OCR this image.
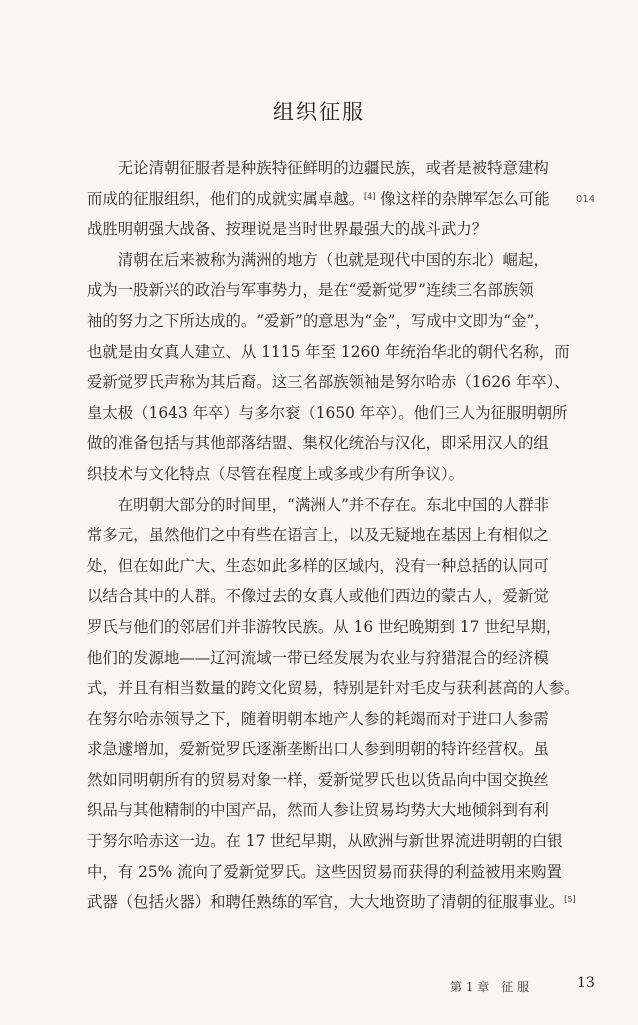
组织征服
014

　　无论清朝征服者是种族特征鲜明的边疆民族，或者是被特意建构
而成的征服组织，他们的成就实属卓越。[4] 像这样的杂牌军怎么可能
战胜明朝强大战备、按理说是当时世界最强大的战斗武力？

　　清朝在后来被称为满洲的地方（也就是现代中国的东北）崛起，
成为一股新兴的政治与军事势力，是在“爱新觉罗”连续三名部族领
袖的努力之下所达成的。“爱新”的意思为“金”，写成中文即为“金”，
也就是由女真人建立、从 1115 年至 1260 年统治华北的朝代名称，而
爱新觉罗氏声称为其后裔。这三名部族领袖是努尔哈赤（1626 年卒）、
皇太极（1643 年卒）与多尔衮（1650 年卒）。他们三人为征服明朝所
做的准备包括与其他部落结盟、集权化统治与汉化，即采用汉人的组
织技术与文化特点（尽管在程度上或多或少有所争议）。

　　在明朝大部分的时间里，“满洲人”并不存在。东北中国的人群非
常多元，虽然他们之中有些在语言上，以及无疑地在基因上有相似之
处，但在如此广大、生态如此多样的区域内，没有一种总括的认同可
以结合其中的人群。不像过去的女真人或他们西边的蒙古人，爱新觉
罗氏与他们的邻居们并非游牧民族。从 16 世纪晚期到 17 世纪早期，
他们的发源地——辽河流域一带已经发展为农业与狩猎混合的经济模
式，并且有相当数量的跨文化贸易，特别是针对毛皮与获利甚高的人参。
在努尔哈赤领导之下，随着明朝本地产人参的耗竭而对于进口人参需
求急遽增加，爱新觉罗氏逐渐垄断出口人参到明朝的特许经营权。虽
然如同明朝所有的贸易对象一样，爱新觉罗氏也以货品向中国交换丝
织品与其他精制的中国产品，然而人参让贸易均势大大地倾斜到有利
于努尔哈赤这一边。在 17 世纪早期，从欧洲与新世界流进明朝的白银
中，有 25% 流向了爱新觉罗氏。这些因贸易而获得的利益被用来购置
武器（包括火器）和聘任熟练的军官，大大地资助了清朝的征服事业。[5]

第 1 章　征 服	13
